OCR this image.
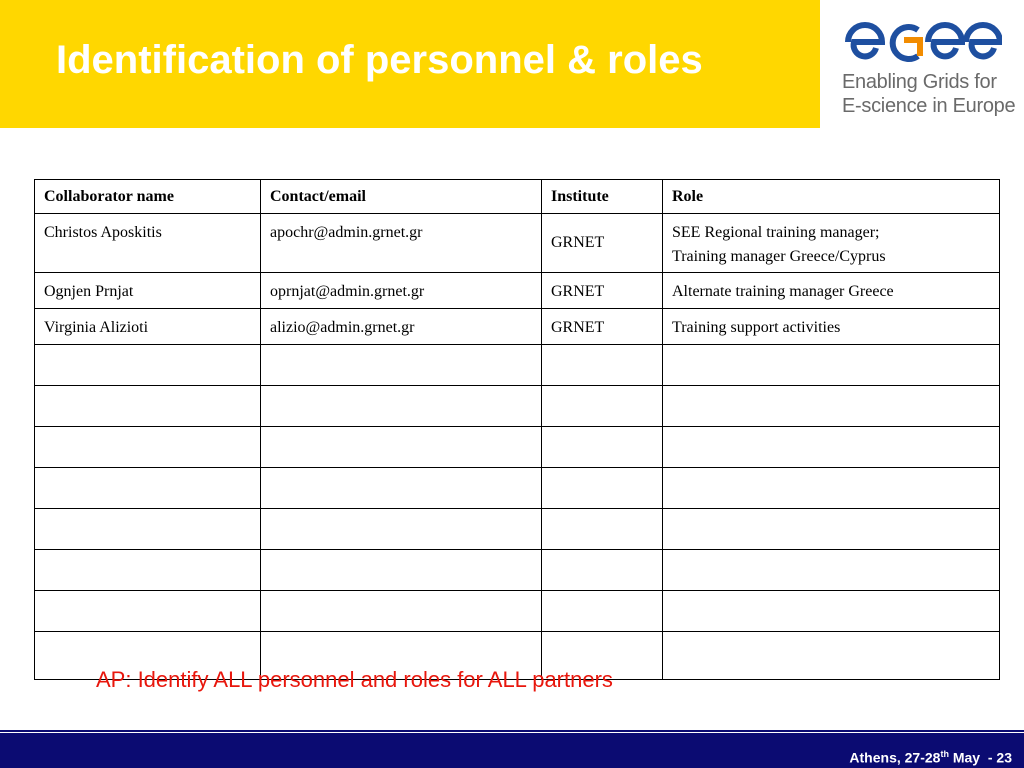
Identification of personnel & roles	Enabling Grids for
E-science in Europe
Collaborator name	Contact/email	Institute	Role
Christos Aposkitis	apochr@admin.grnet.gr	GRNET	SEE Regional training manager;
Training manager Greece/Cyprus
Ognjen Prnjat	oprnjat@admin.grnet.gr	GRNET	Alternate training manager Greece
Virginia Alizioti	alizio@admin.grnet.gr	GRNET	Training support activities

AP: Identify ALL personnel and roles for ALL partners
Athens, 27-28th May - 23
